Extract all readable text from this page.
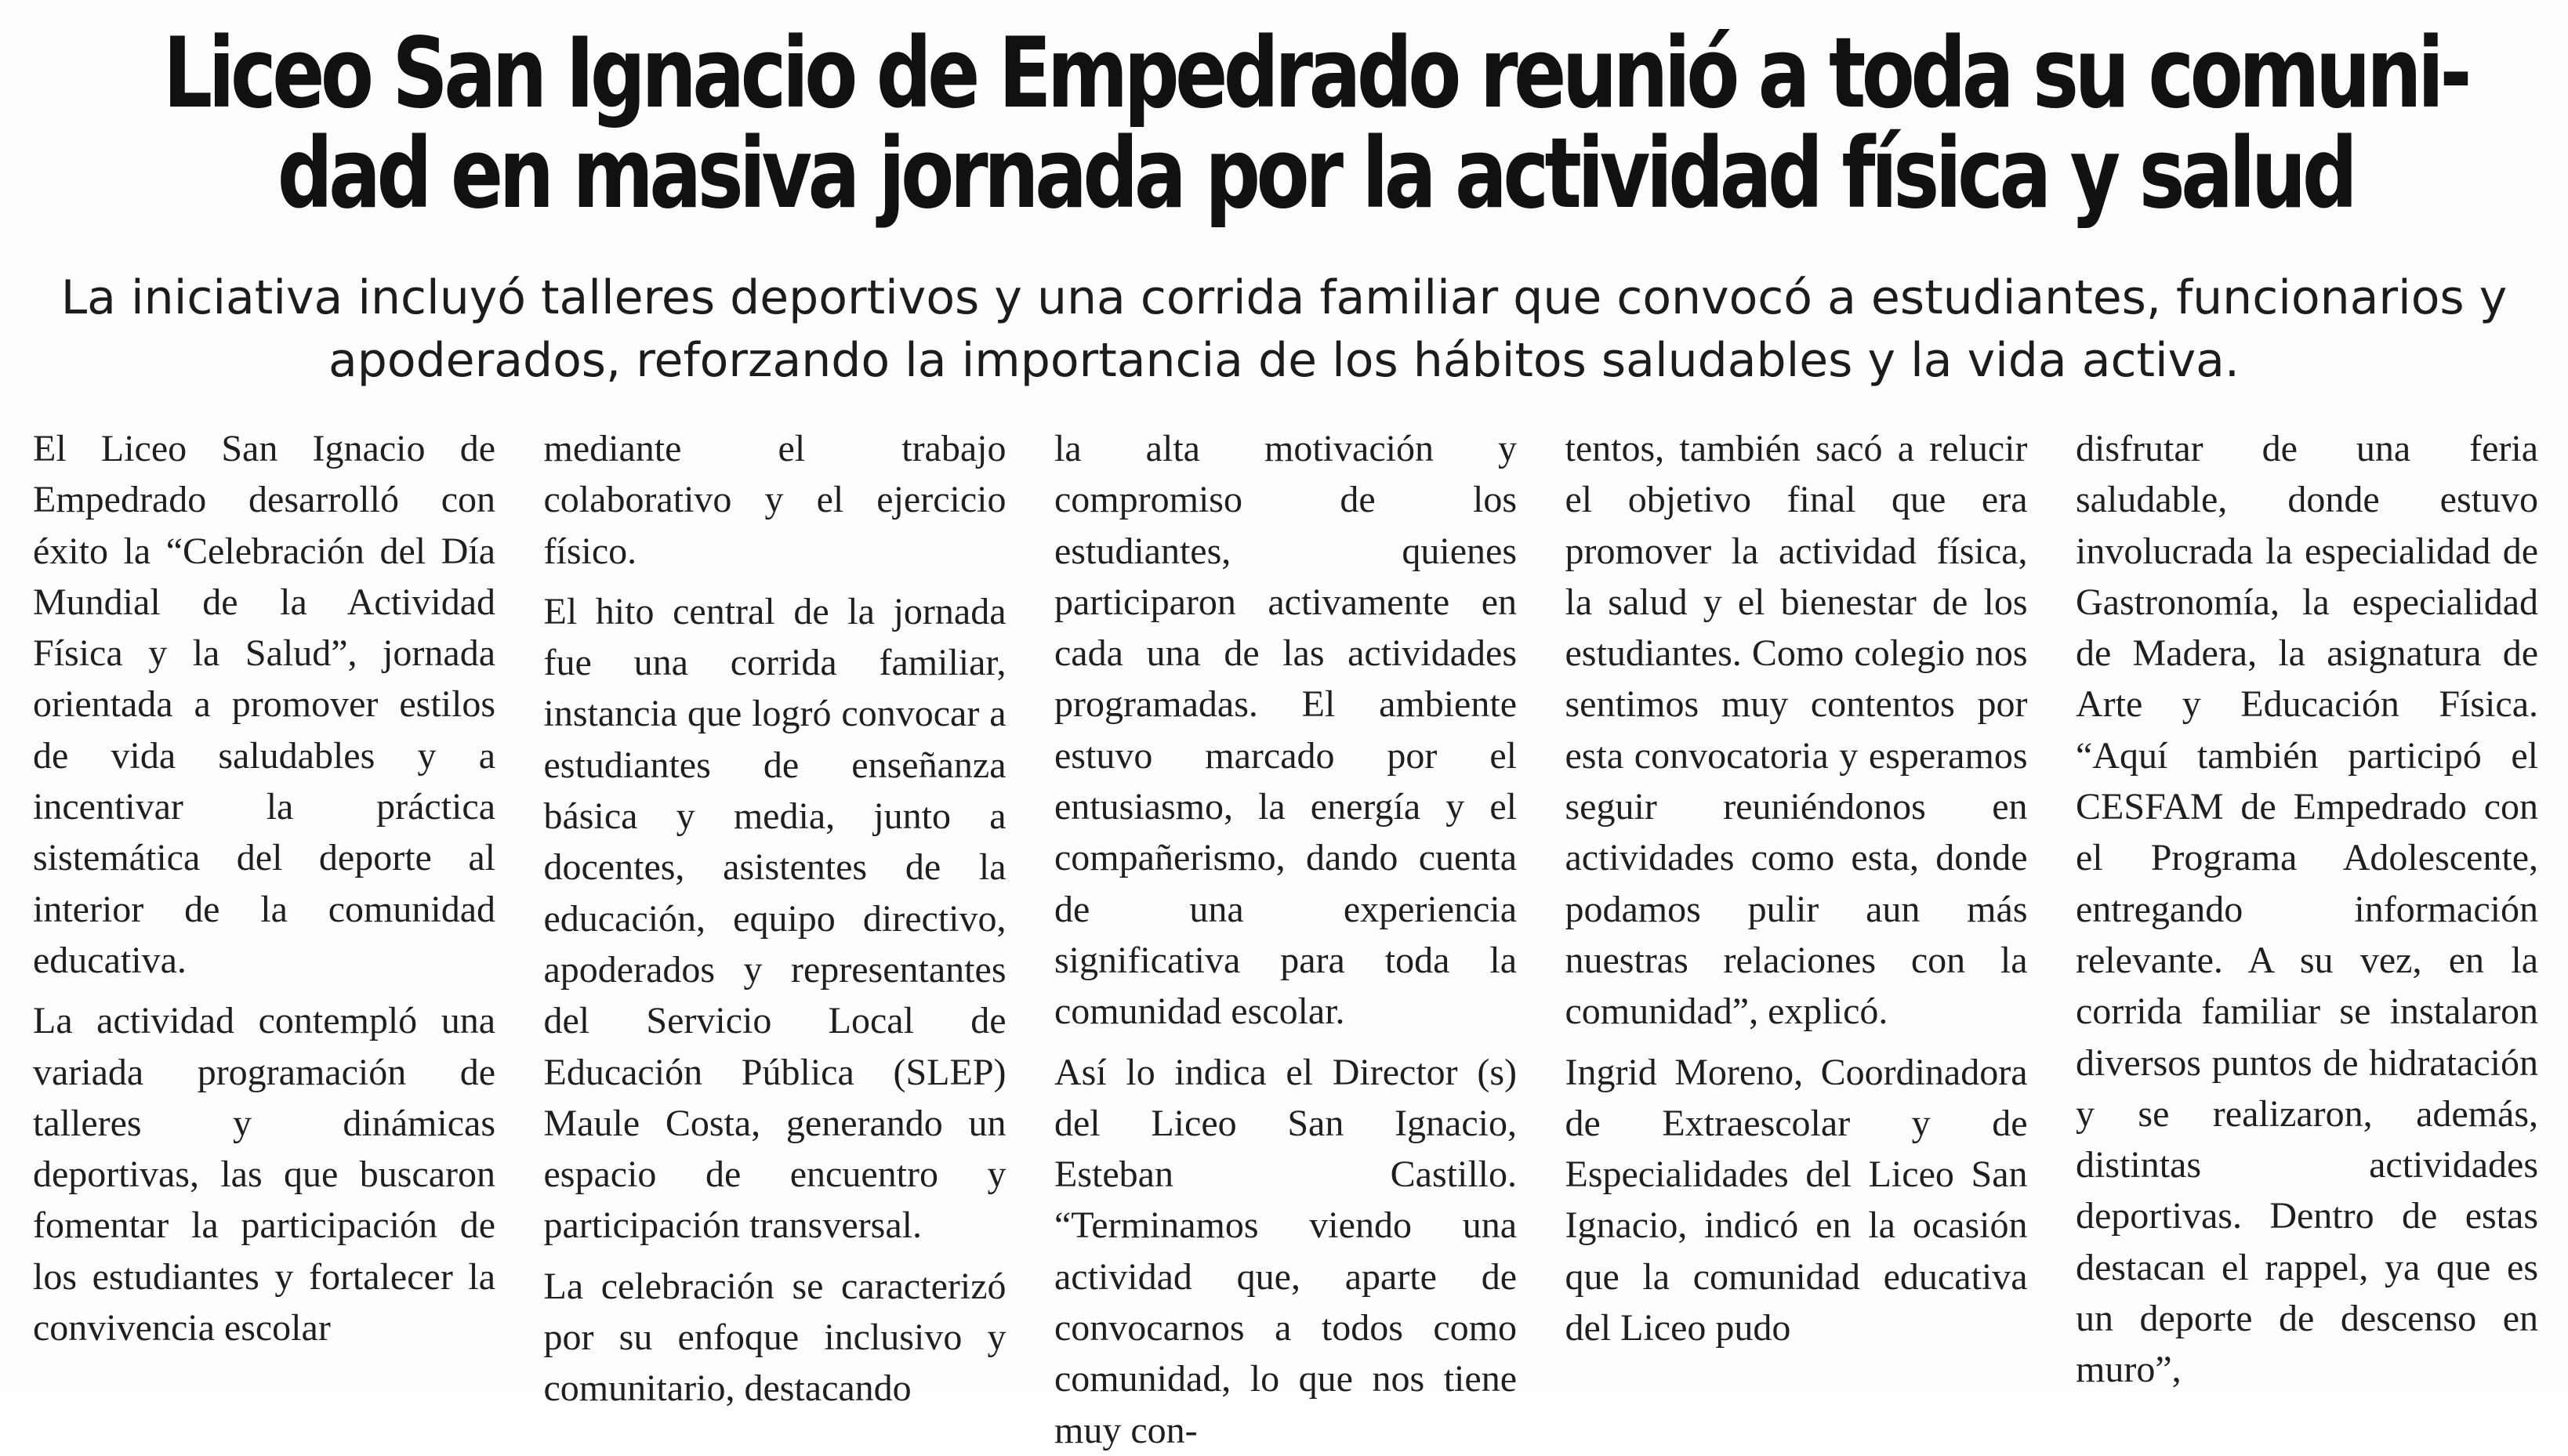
Liceo San Ignacio de Empedrado reunió a toda su comuni-
dad en masiva jornada por la actividad física y salud

La iniciativa incluyó talleres deportivos y una corrida familiar que convocó a estudiantes, funcionarios y apoderados, reforzando la importancia de los hábitos saludables y la vida activa.

El Liceo San Ignacio de Empedrado desarrolló con éxito la “Celebración del Día Mundial de la Actividad Física y la Salud”, jornada orientada a promover estilos de vida saludables y a incentivar la práctica sistemática del deporte al interior de la comunidad educativa.

La actividad contempló una variada programación de talleres y dinámicas deportivas, las que buscaron fomentar la participación de los estudiantes y fortalecer la convivencia escolar

mediante el trabajo colaborativo y el ejercicio físico.

El hito central de la jornada fue una corrida familiar, instancia que logró convocar a estudiantes de enseñanza básica y media, junto a docentes, asistentes de la educación, equipo directivo, apoderados y representantes del Servicio Local de Educación Pública (SLEP) Maule Costa, generando un espacio de encuentro y participación transversal.

La celebración se caracterizó por su enfoque inclusivo y comunitario, destacando

la alta motivación y compromiso de los estudiantes, quienes participaron activamente en cada una de las actividades programadas. El ambiente estuvo marcado por el entusiasmo, la energía y el compañerismo, dando cuenta de una experiencia significativa para toda la comunidad escolar.

Así lo indica el Director (s) del Liceo San Ignacio, Esteban Castillo. “Terminamos viendo una actividad que, aparte de convocarnos a todos como comunidad, lo que nos tiene muy con-

tentos, también sacó a relucir el objetivo final que era promover la actividad física, la salud y el bienestar de los estudiantes. Como colegio nos sentimos muy contentos por esta convocatoria y esperamos seguir reuniéndonos en actividades como esta, donde podamos pulir aun más nuestras relaciones con la comunidad”, explicó.

Ingrid Moreno, Coordinadora de Extraescolar y de Especialidades del Liceo San Ignacio, indicó en la ocasión que la comunidad educativa del Liceo pudo

disfrutar de una feria saludable, donde estuvo involucrada la especialidad de Gastronomía, la especialidad de Madera, la asignatura de Arte y Educación Física. “Aquí también participó el CESFAM de Empedrado con el Programa Adolescente, entregando información relevante. A su vez, en la corrida familiar se instalaron diversos puntos de hidratación y se realizaron, además, distintas actividades deportivas. Dentro de estas destacan el rappel, ya que es un deporte de descenso en muro”,
